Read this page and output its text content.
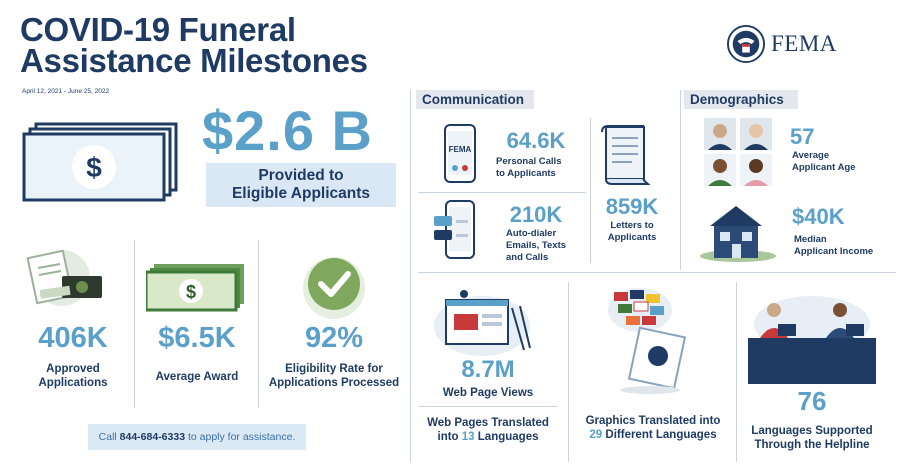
COVID-19 Funeral
Assistance Milestones
April 12, 2021 - June 25, 2022
FEMA
$
$2.6 B
Provided to
Eligible Applicants
406K
Approved
Applications
$
$6.5K
Average Award
92%
Eligibility Rate for
Applications Processed
Call 844-684-6333 to apply for assistance.
Communication
FEMA	64.6K
Personal Calls
to Applicants
210K
Auto-dialer
Emails, Texts
and Calls
859K
Letters to
Applicants
Demographics
57
Average
Applicant Age
$40K
Median
Applicant Income
8.7M
Web Page Views
Web Pages Translated
into 13 Languages
Graphics Translated into
29 Different Languages
76
Languages Supported
Through the Helpline
